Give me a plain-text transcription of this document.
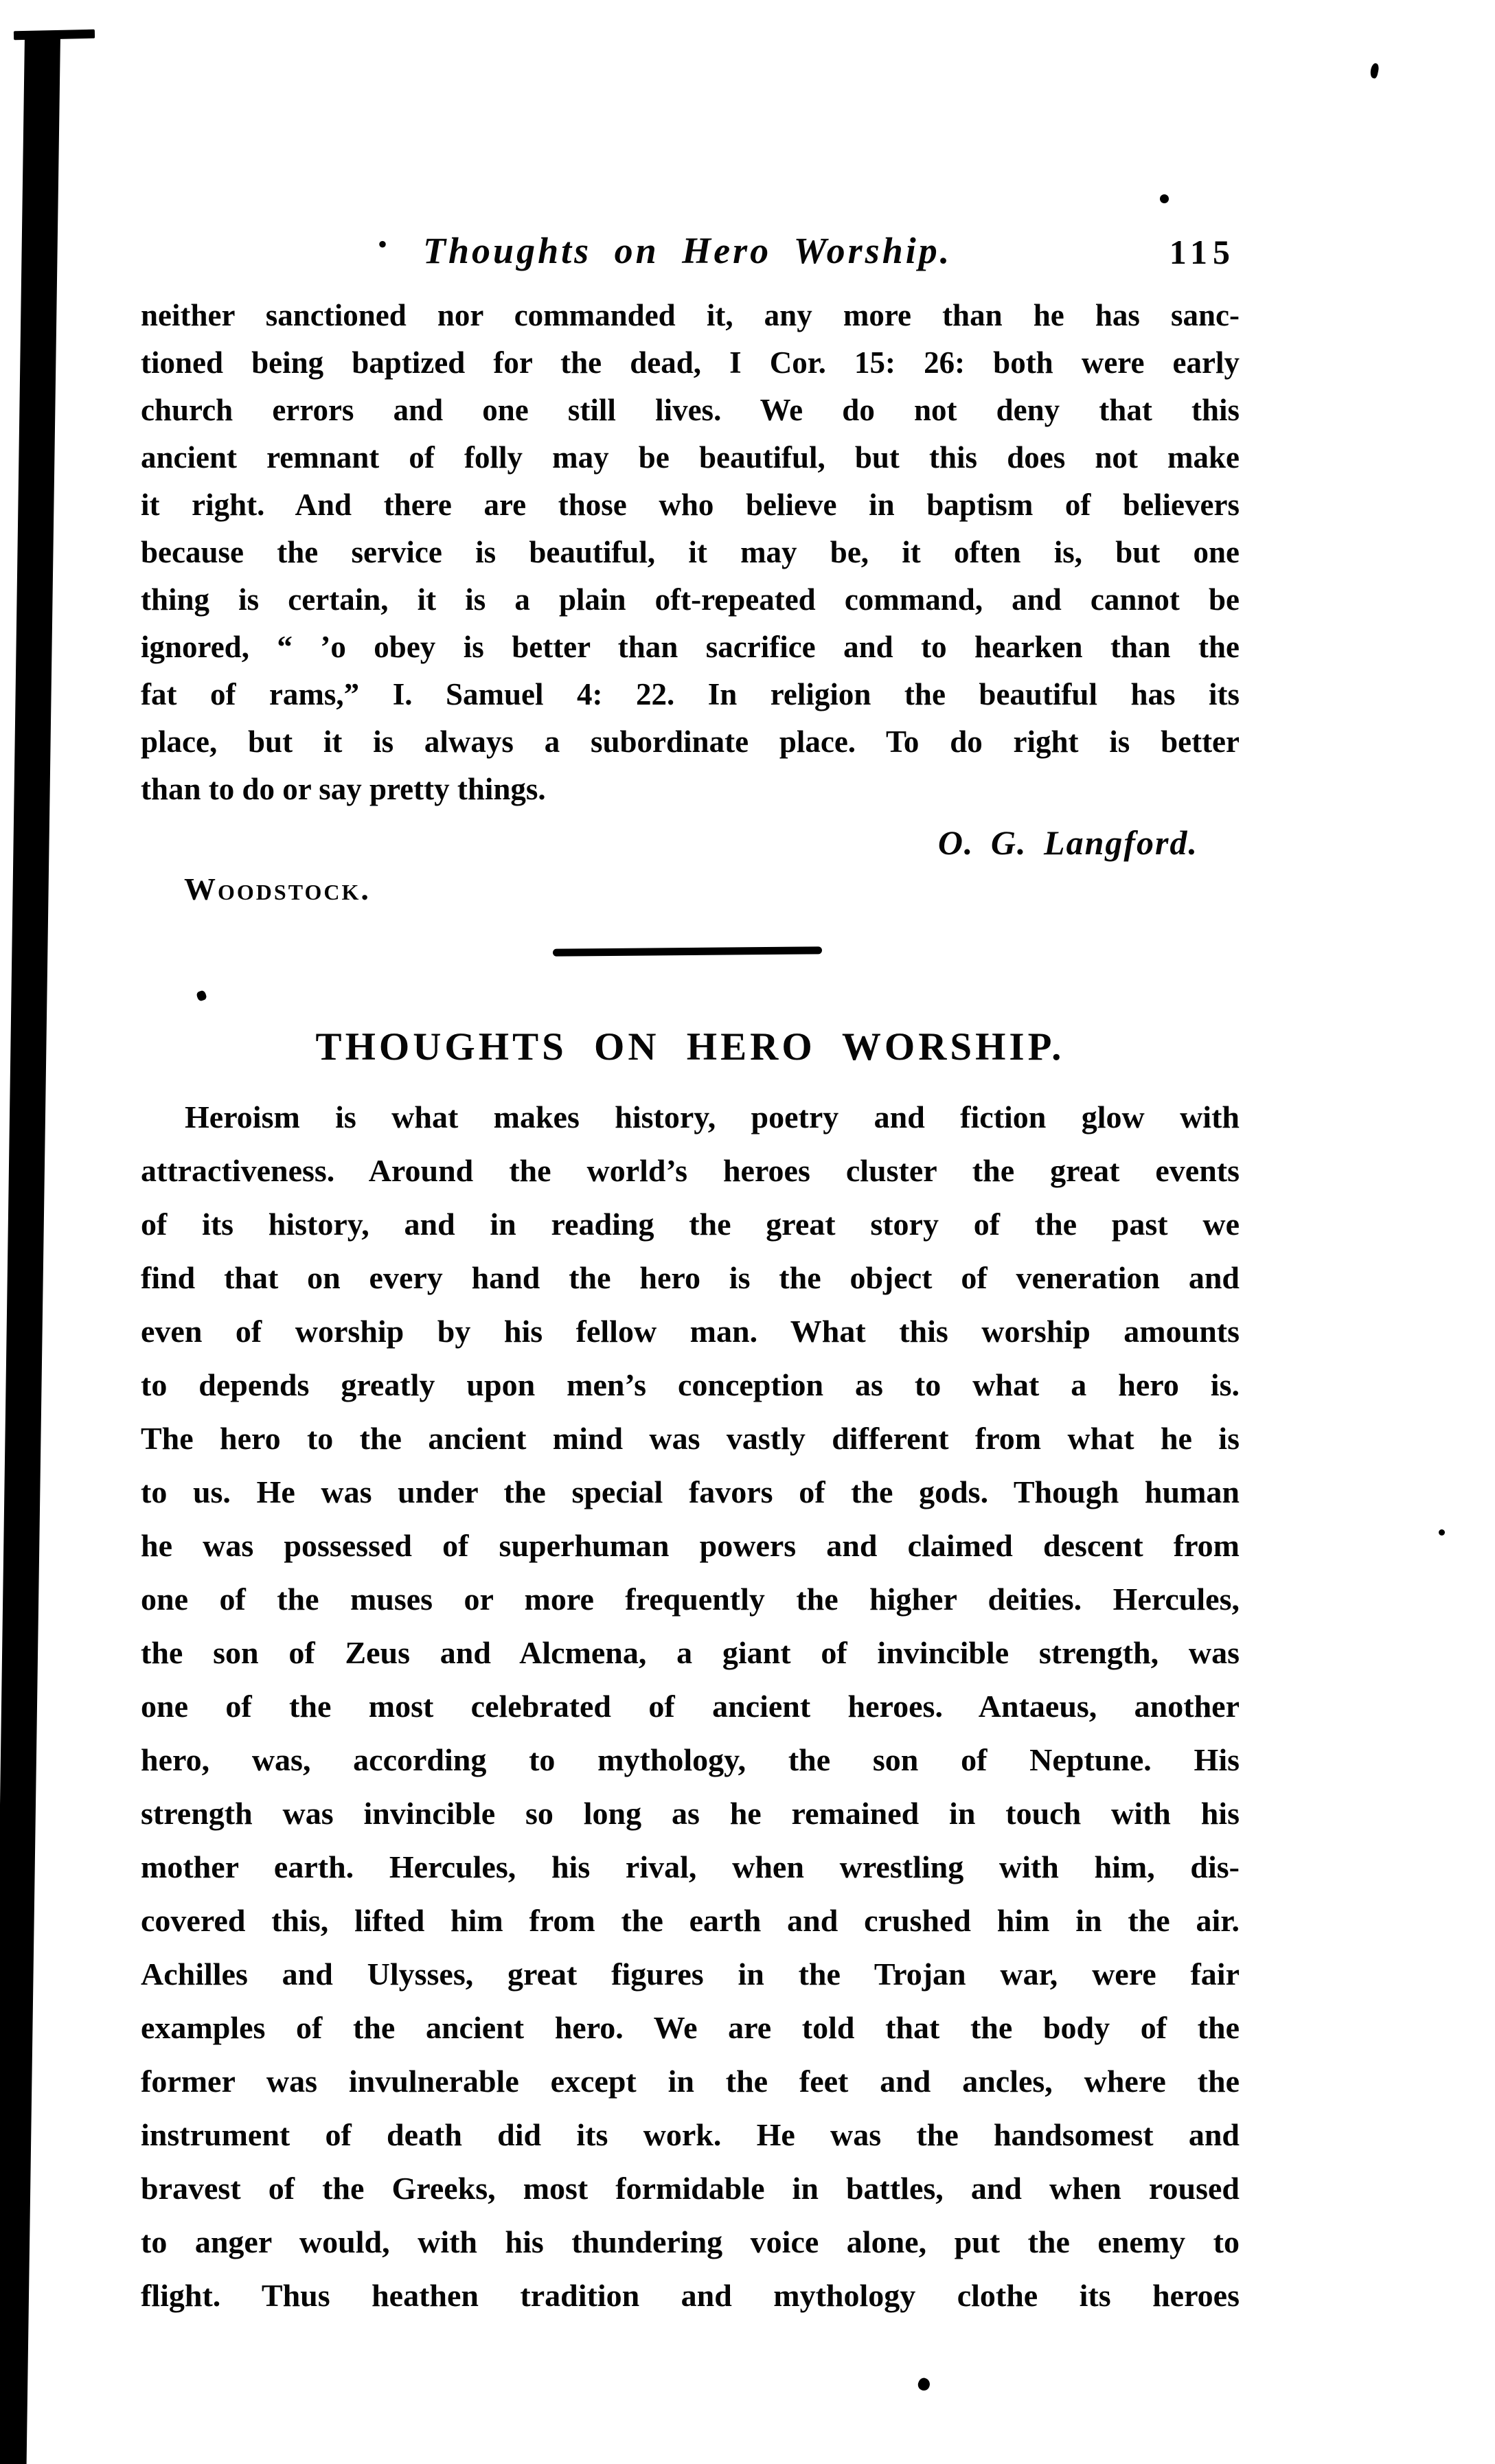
• Thoughts on Hero Worship.	115
neither sanctioned nor commanded it, any more than he has sanc-
tioned being baptized for the dead, I Cor. 15: 26: both were early
church errors and one still lives. We do not deny that this
ancient remnant of folly may be beautiful, but this does not make
it right. And there are those who believe in baptism of believers
because the service is beautiful, it may be, it often is, but one
thing is certain, it is a plain oft-repeated command, and cannot be
ignored, “ ’o obey is better than sacrifice and to hearken than the
fat of rams,” I. Samuel 4: 22. In religion the beautiful has its
place, but it is always a subordinate place. To do right is better
than to do or say pretty things.
O. G. Langford.
Woodstock.
THOUGHTS ON HERO WORSHIP.
Heroism is what makes history, poetry and fiction glow with
attractiveness. Around the world’s heroes cluster the great events
of its history, and in reading the great story of the past we
find that on every hand the hero is the object of veneration and
even of worship by his fellow man. What this worship amounts
to depends greatly upon men’s conception as to what a hero is.
The hero to the ancient mind was vastly different from what he is
to us. He was under the special favors of the gods. Though human
he was possessed of superhuman powers and claimed descent from
one of the muses or more frequently the higher deities. Hercules,
the son of Zeus and Alcmena, a giant of invincible strength, was
one of the most celebrated of ancient heroes. Antaeus, another
hero, was, according to mythology, the son of Neptune. His
strength was invincible so long as he remained in touch with his
mother earth. Hercules, his rival, when wrestling with him, dis-
covered this, lifted him from the earth and crushed him in the air.
Achilles and Ulysses, great figures in the Trojan war, were fair
examples of the ancient hero. We are told that the body of the
former was invulnerable except in the feet and ancles, where the
instrument of death did its work. He was the handsomest and
bravest of the Greeks, most formidable in battles, and when roused
to anger would, with his thundering voice alone, put the enemy to
flight. Thus heathen tradition and mythology clothe its heroes
